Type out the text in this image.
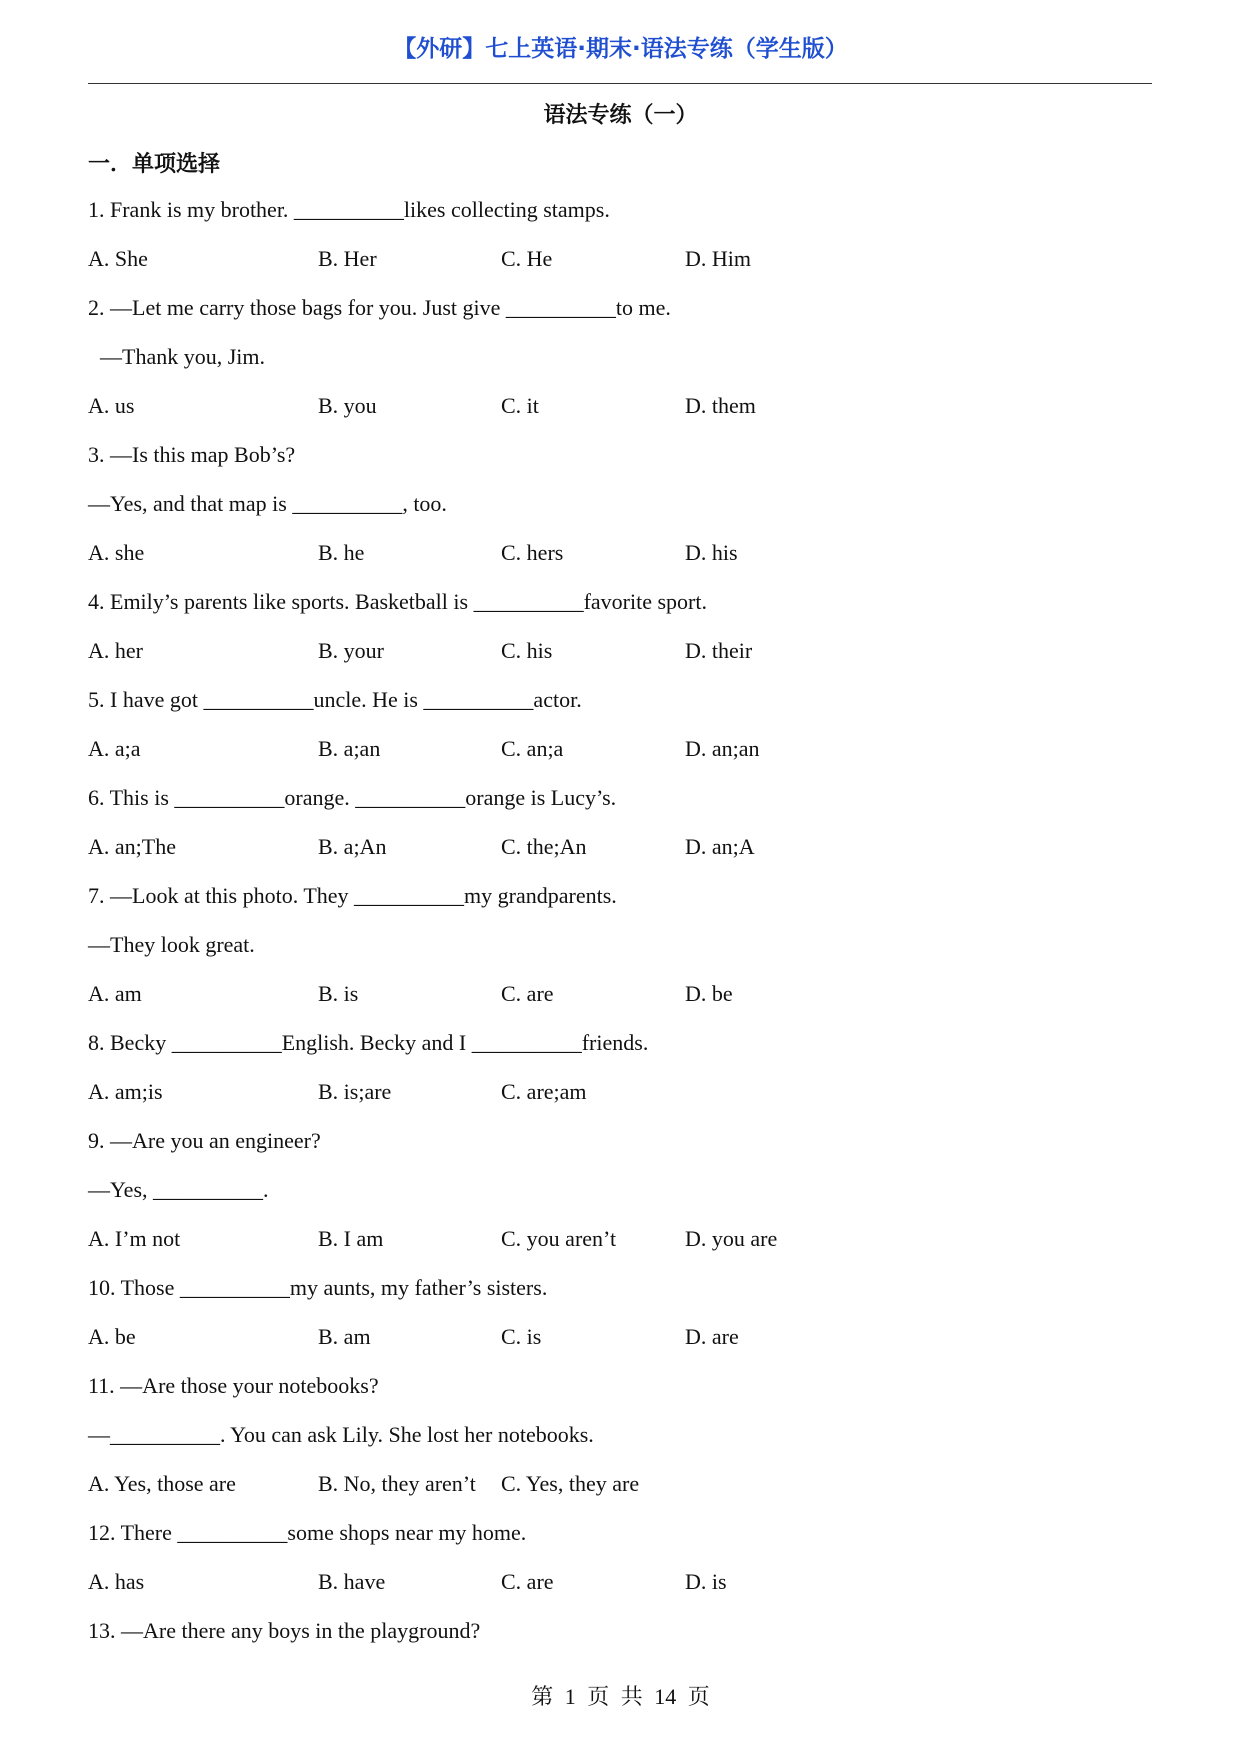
【外研】七上英语·期末·语法专练（学生版）
语法专练（一）
一．单项选择
1. Frank is my brother. __________likes collecting stamps.
A. She	B. Her	C. He	D. Him
2. —Let me carry those bags for you. Just give __________to me.
—Thank you, Jim.
A. us	B. you	C. it	D. them
3. —Is this map Bob’s?
—Yes, and that map is __________, too.
A. she	B. he	C. hers	D. his
4. Emily’s parents like sports. Basketball is __________favorite sport.
A. her	B. your	C. his	D. their
5. I have got __________uncle. He is __________actor.
A. a;a	B. a;an	C. an;a	D. an;an
6. This is __________orange. __________orange is Lucy’s.
A. an;The	B. a;An	C. the;An	D. an;A
7. —Look at this photo. They __________my grandparents.
—They look great.
A. am	B. is	C. are	D. be
8. Becky __________English. Becky and I __________friends.
A. am;is	B. is;are	C. are;am
9. —Are you an engineer?
—Yes, __________.
A. I’m not	B. I am	C. you aren’t	D. you are
10. Those __________my aunts, my father’s sisters.
A. be	B. am	C. is	D. are
11. —Are those your notebooks?
—__________. You can ask Lily. She lost her notebooks.
A. Yes, those are	B. No, they aren’t C. Yes, they are
12. There __________some shops near my home.
A. has	B. have	C. are	D. is
13. —Are there any boys in the playground?
第 1 页 共 14 页
